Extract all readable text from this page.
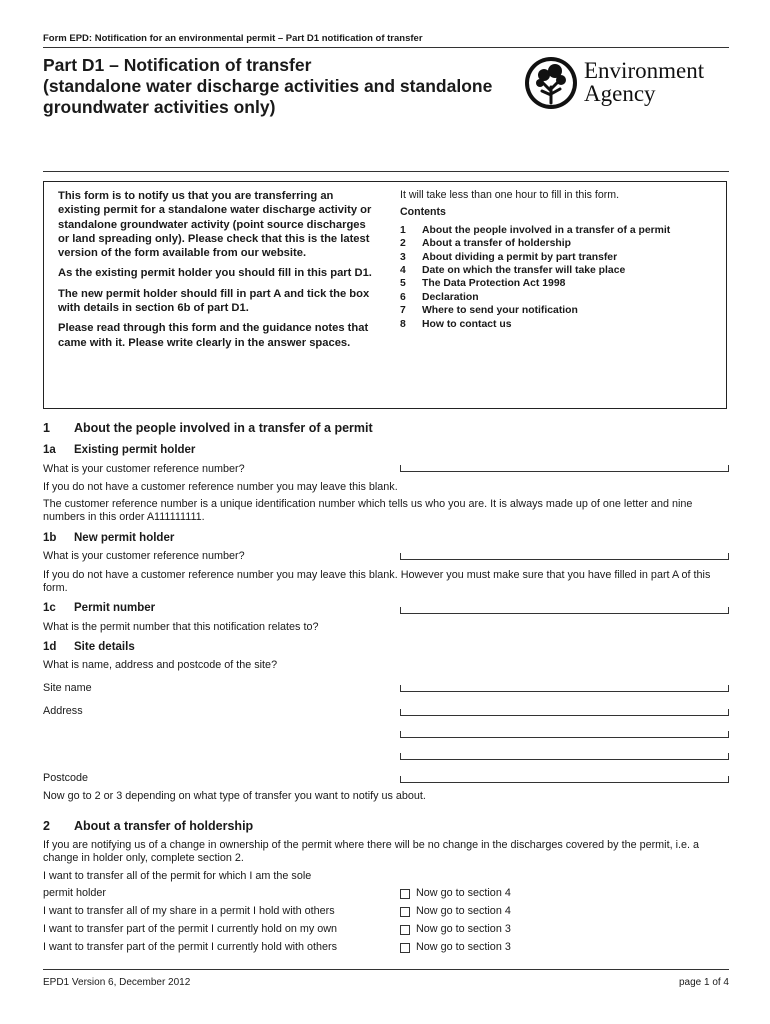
Form EPD: Notification for an environmental permit – Part D1 notification of transfer
Part D1 – Notification of transfer
(standalone water discharge activities and standalone
groundwater activities only)
Environment
Agency

This form is to notify us that you are transferring an existing permit for a standalone water discharge activity or standalone groundwater activity (point source discharges or land spreading only). Please check that this is the latest version of the form available from our website.

As the existing permit holder you should fill in this part D1.

The new permit holder should fill in part A and tick the box with details in section 6b of part D1.

Please read through this form and the guidance notes that came with it. Please write clearly in the answer spaces.

It will take less than one hour to fill in this form.
Contents
1	About the people involved in a transfer of a permit
2	About a transfer of holdership
3	About dividing a permit by part transfer
4	Date on which the transfer will take place
5	The Data Protection Act 1998
6	Declaration
7	Where to send your notification
8	How to contact us
1 About the people involved in a transfer of a permit
1a Existing permit holder
What is your customer reference number?
If you do not have a customer reference number you may leave this blank.
The customer reference number is a unique identification number which tells us who you are. It is always made up of one letter and nine numbers in this order A111111111.
1b New permit holder
What is your customer reference number?
If you do not have a customer reference number you may leave this blank. However you must make sure that you have filled in part A of this form.
1c Permit number
What is the permit number that this notification relates to?
1d Site details
What is name, address and postcode of the site?
Site name
Address
Postcode
Now go to 2 or 3 depending on what type of transfer you want to notify us about.
2 About a transfer of holdership
If you are notifying us of a change in ownership of the permit where there will be no change in the discharges covered by the permit, i.e. a change in holder only, complete section 2.
I want to transfer all of the permit for which I am the sole
permit holder	Now go to section 4
I want to transfer all of my share in a permit I hold with others	Now go to section 4
I want to transfer part of the permit I currently hold on my own	Now go to section 3
I want to transfer part of the permit I currently hold with others	Now go to section 3
EPD1 Version 6, December 2012	page 1 of 4
